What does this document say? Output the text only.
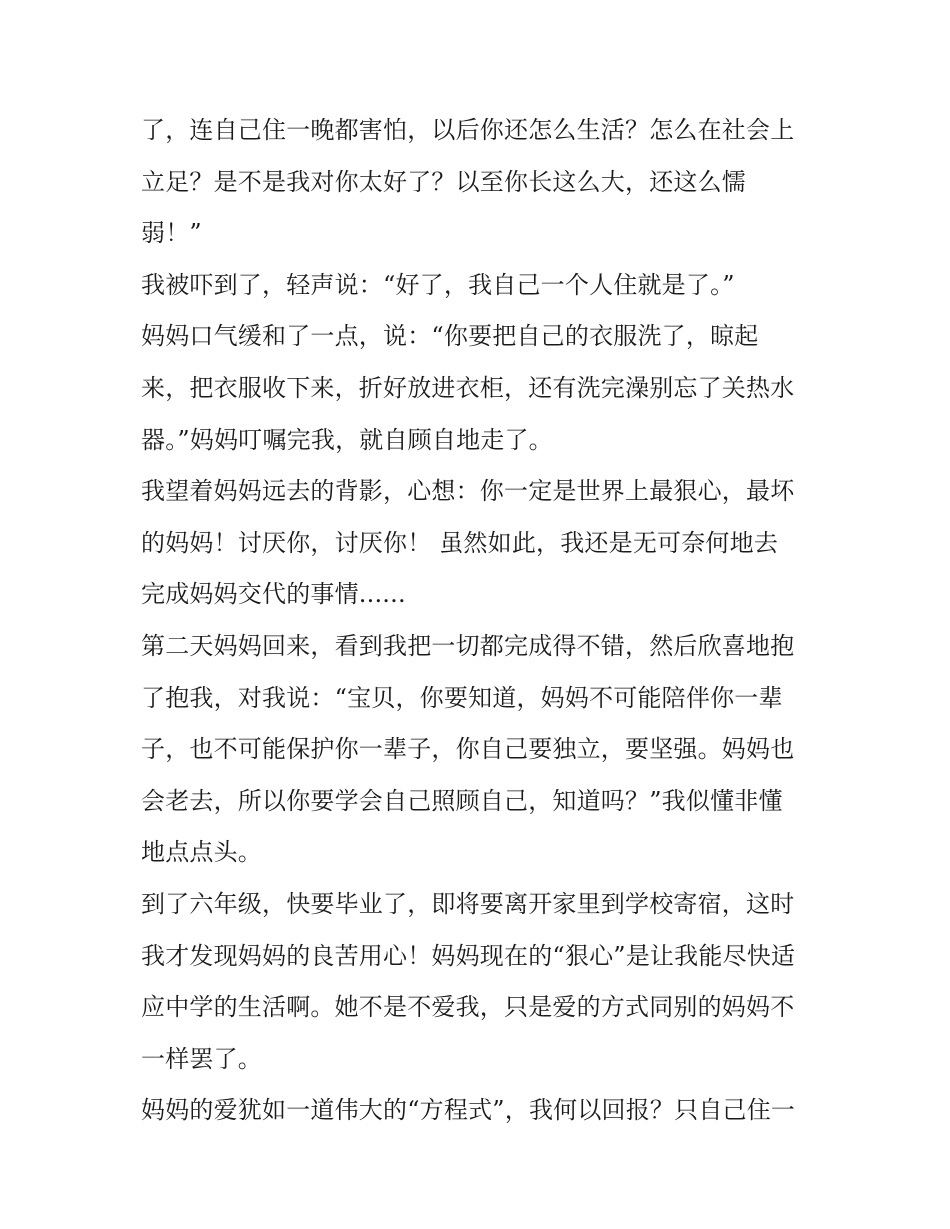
了，连自己住一晚都害怕，以后你还怎么生活？怎么在社会上
立足？是不是我对你太好了？以至你长这么大，还这么懦
弱！”
我被吓到了，轻声说：“好了，我自己一个人住就是了。”
妈妈口气缓和了一点，说：“你要把自己的衣服洗了，晾起
来，把衣服收下来，折好放进衣柜，还有洗完澡别忘了关热水
器。”妈妈叮嘱完我，就自顾自地走了。
我望着妈妈远去的背影，心想：你一定是世界上最狠心，最坏
的妈妈！讨厌你，讨厌你！ 虽然如此，我还是无可奈何地去
完成妈妈交代的事情......
第二天妈妈回来，看到我把一切都完成得不错，然后欣喜地抱
了抱我，对我说：“宝贝，你要知道，妈妈不可能陪伴你一辈
子，也不可能保护你一辈子，你自己要独立，要坚强。妈妈也
会老去，所以你要学会自己照顾自己，知道吗？”我似懂非懂
地点点头。
到了六年级，快要毕业了，即将要离开家里到学校寄宿，这时
我才发现妈妈的良苦用心！妈妈现在的“狠心”是让我能尽快适
应中学的生活啊。她不是不爱我，只是爱的方式同别的妈妈不
一样罢了。
妈妈的爱犹如一道伟大的“方程式”，我何以回报？只自己住一
